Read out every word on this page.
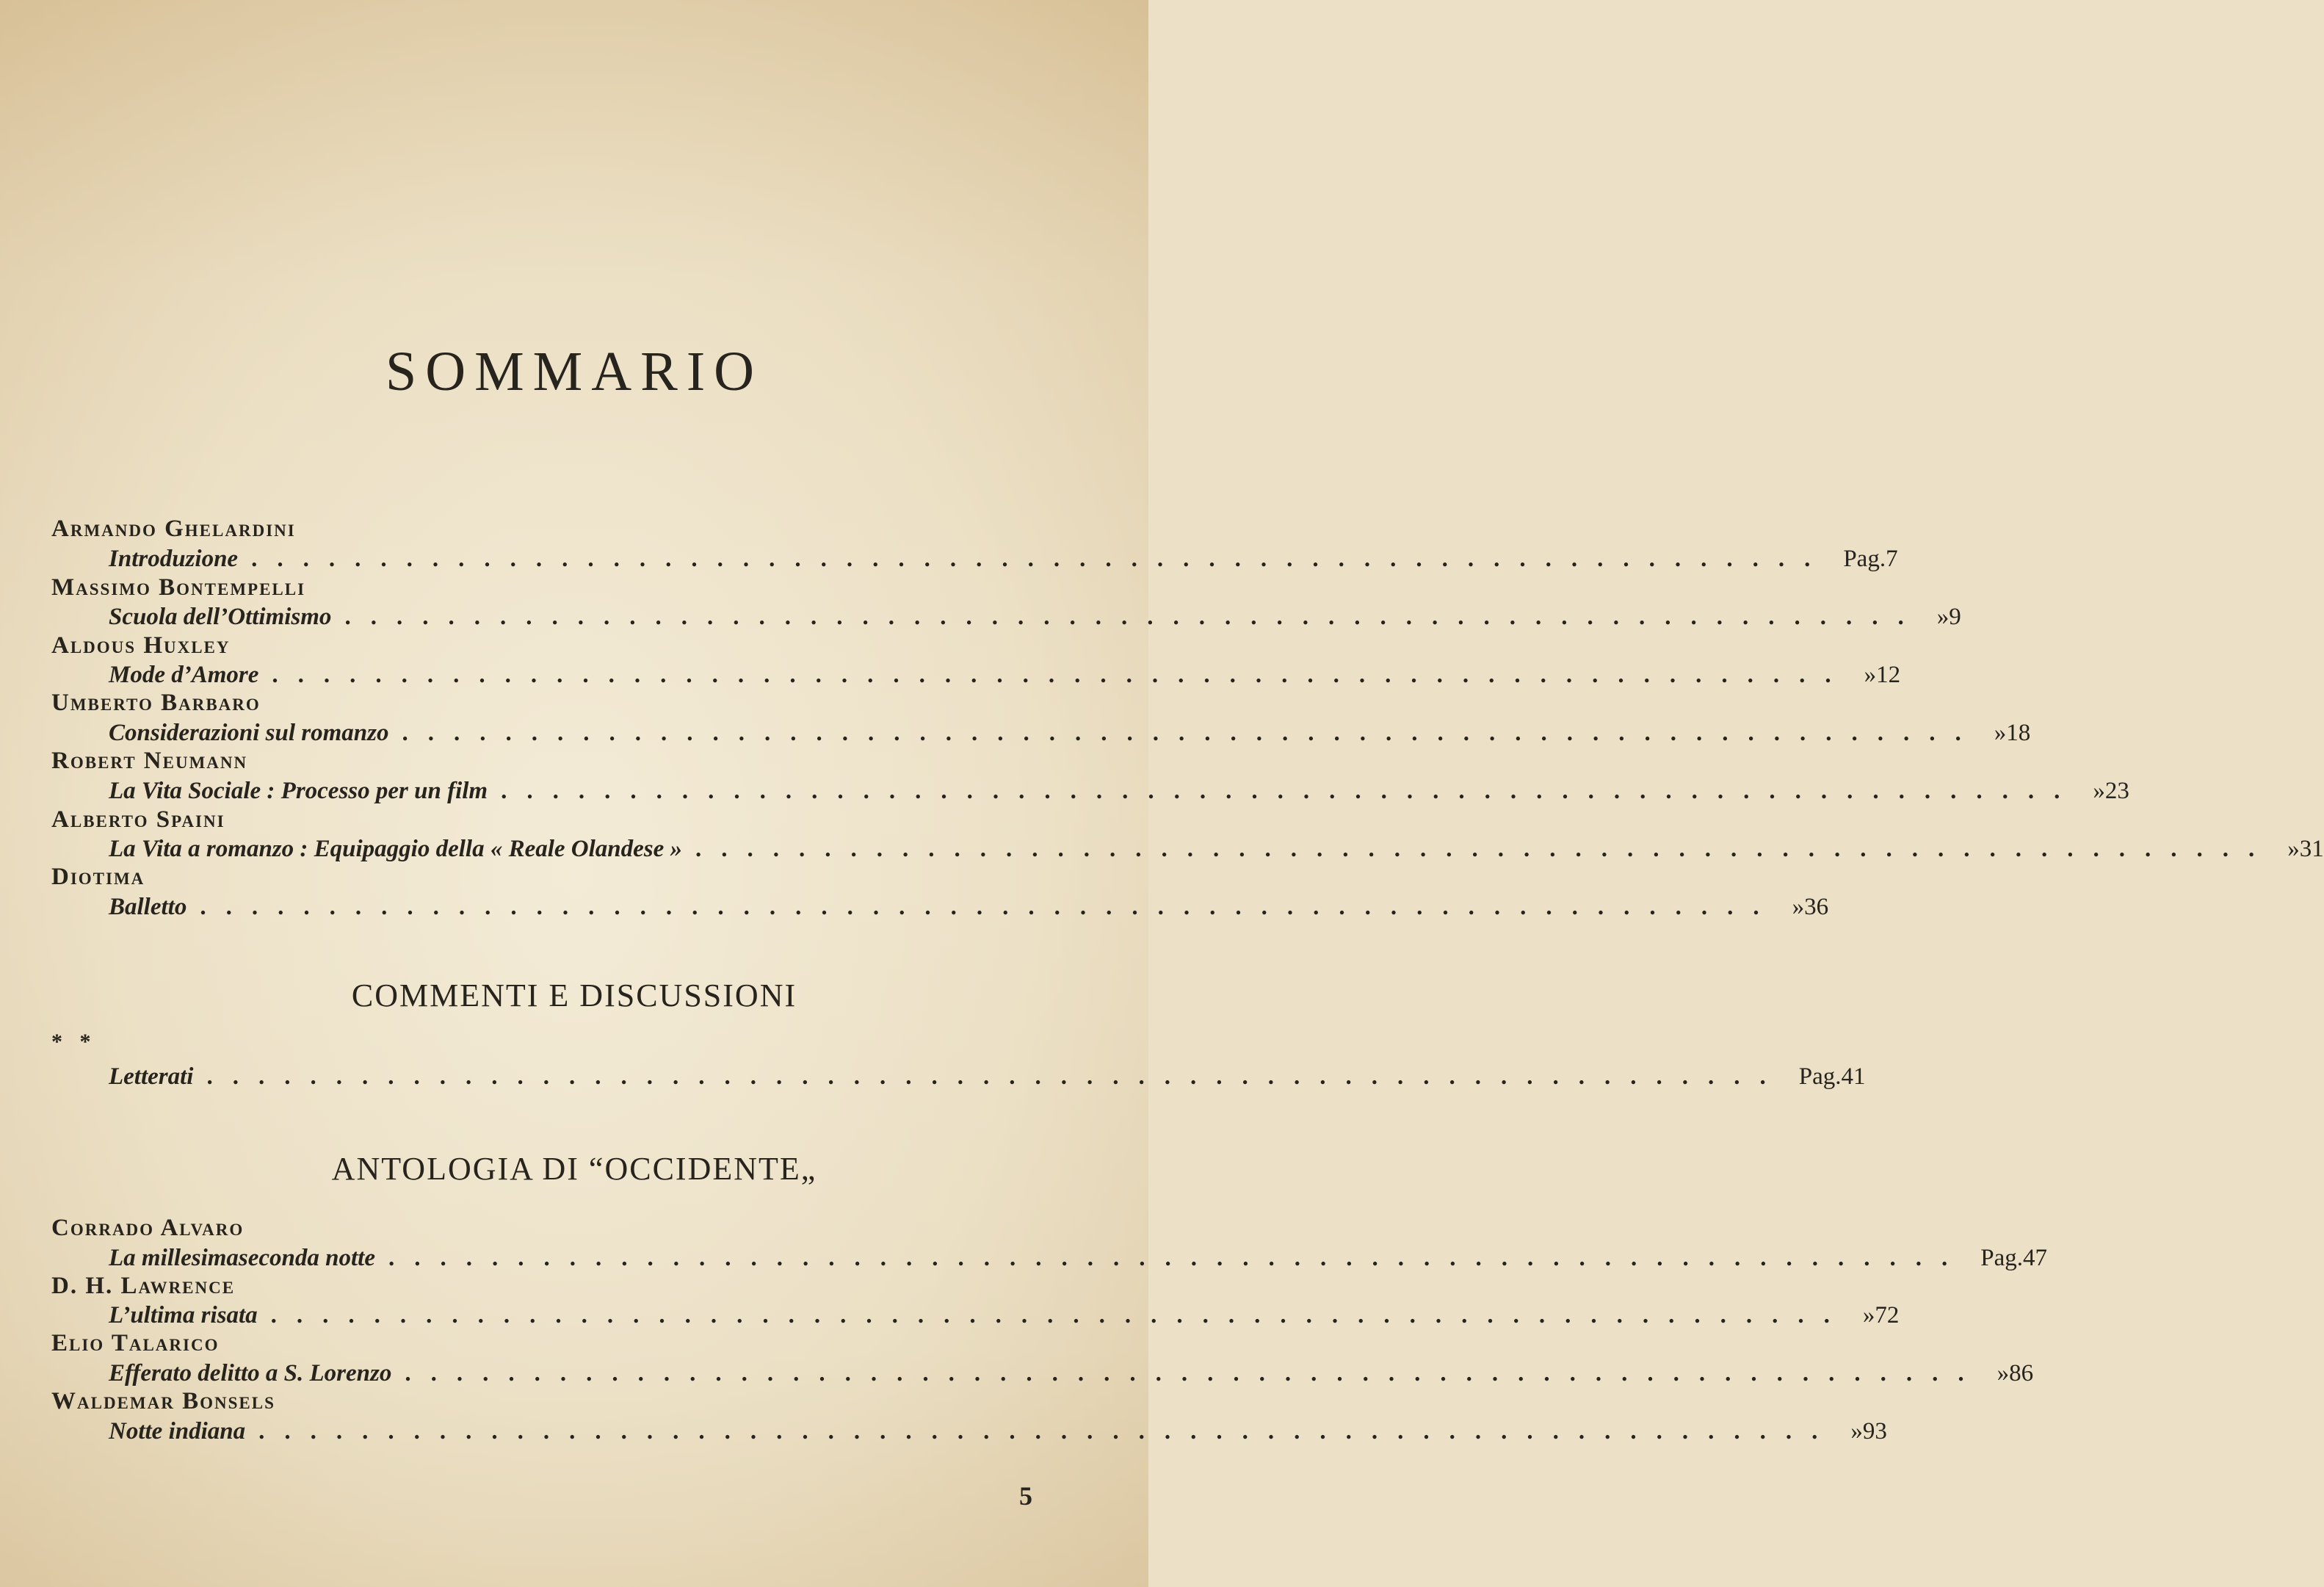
SOMMARIO
Armando Ghelardini
Introduzione ............................................................. Pag. 7
Massimo Bontempelli
Scuola dell’Ottimismo ............................................................. » 9
Aldous Huxley
Mode d’Amore ............................................................. » 12
Umberto Barbaro
Considerazioni sul romanzo ............................................................. » 18
Robert Neumann
La Vita Sociale : Processo per un film ............................................................. » 23
Alberto Spaini
La Vita a romanzo : Equipaggio della « Reale Olandese » ............................................................. » 31
Diotima
Balletto ............................................................. » 36
COMMENTI E DISCUSSIONI
* *
Letterati ............................................................. Pag. 41
ANTOLOGIA DI “OCCIDENTE„
Corrado Alvaro
La millesimaseconda notte ............................................................. Pag. 47
D. H. Lawrence
L’ultima risata ............................................................. » 72
Elio Talarico
Efferato delitto a S. Lorenzo ............................................................. » 86
Waldemar Bonsels
Notte indiana ............................................................. » 93
5
